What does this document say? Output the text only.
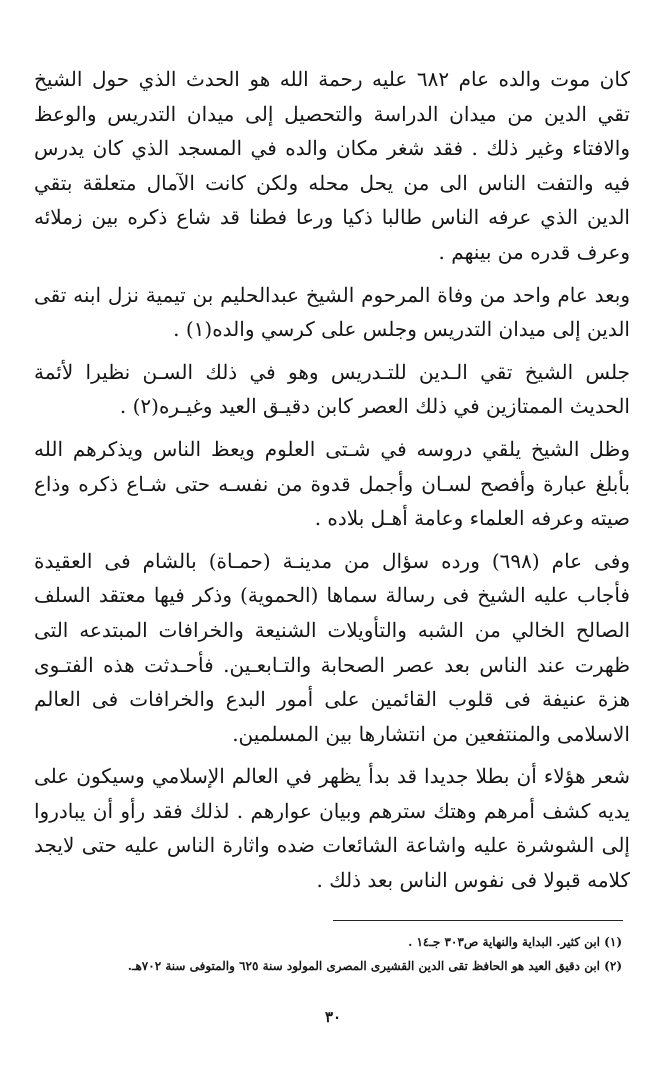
كان موت والده عام ٦٨٢ عليه رحمة الله هو الحدث الذي حول الشيخ تقي الدين من ميدان الدراسة والتحصيل إلى ميدان التدريس والوعظ والافتاء وغير ذلك . فقد شغر مكان والده في المسجد الذي كان يدرس فيه والتفت الناس الى من يحل محله ولكن كانت الآمال متعلقة بتقي الدين الذي عرفه الناس طالبا ذكيا ورعا فطنا قد شاع ذكره بين زملائه وعرف قدره من بينهم .

وبعد عام واحد من وفاة المرحوم الشيخ عبدالحليم بن تيمية نزل ابنه تقى الدين إلى ميدان التدريس وجلس على كرسي والده(١) .

جلس الشيخ تقي الـدين للتـدريس وهو في ذلك السـن نظيرا لأئمة الحديث الممتازين في ذلك العصر كابن دقيـق العيد وغيـره(٢) .

وظل الشيخ يلقي دروسه في شـتى العلوم ويعظ الناس ويذكرهم الله بأبلغ عبارة وأفصح لسـان وأجمل قدوة من نفسـه حتى شـاع ذكره وذاع صيته وعرفه العلماء وعامة أهـل بلاده .

وفى عام (٦٩٨) ورده سؤال من مدينـة (حمـاة) بالشام فى العقيدة فأجاب عليه الشيخ فى رسالة سماها (الحموية) وذكر فيها معتقد السلف الصالح الخالي من الشبه والتأويلات الشنيعة والخرافات المبتدعه التى ظهرت عند الناس بعد عصر الصحابة والتـابعـين. فأحـدثت هذه الفتـوى هزة عنيفة فى قلوب القائمين على أمور البدع والخرافات فى العالم الاسلامى والمنتفعين من انتشارها بين المسلمين.

شعر هؤلاء أن بطلا جديدا قد بدأ يظهر في العالم الإسلامي وسيكون على يديه كشف أمرهم وهتك سترهم وبيان عوارهم . لذلك فقد رأو أن يبادروا إلى الشوشرة عليه واشاعة الشائعات ضده واثارة الناس عليه حتى لايجد كلامه قبولا فى نفوس الناس بعد ذلك .

(١) ابن كثير. البداية والنهاية ص٣٠٣ جـ١٤ .

(٢) ابن دقيق العيد هو الحافظ تقى الدين القشيرى المصرى المولود سنة ٦٢٥ والمتوفى سنة ٧٠٢هـ.

٣٠
